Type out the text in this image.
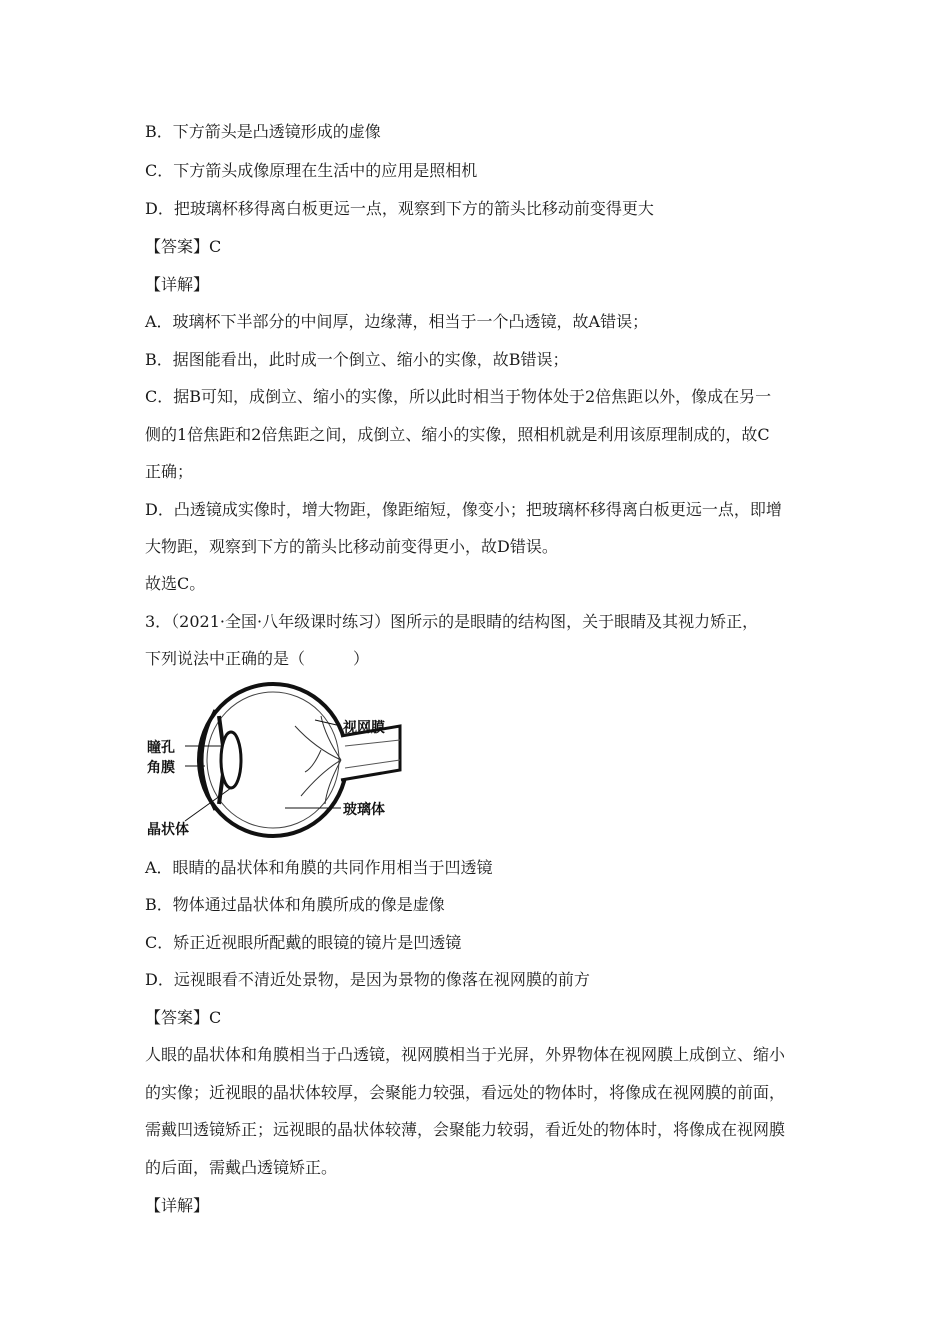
B．下方箭头是凸透镜形成的虚像
C．下方箭头成像原理在生活中的应用是照相机
D．把玻璃杯移得离白板更远一点，观察到下方的箭头比移动前变得更大
【答案】C
【详解】
A．玻璃杯下半部分的中间厚，边缘薄，相当于一个凸透镜，故A错误；
B．据图能看出，此时成一个倒立、缩小的实像，故B错误；
C．据B可知，成倒立、缩小的实像，所以此时相当于物体处于2倍焦距以外，像成在另一
侧的1倍焦距和2倍焦距之间，成倒立、缩小的实像，照相机就是利用该原理制成的，故C
正确；
D．凸透镜成实像时，增大物距，像距缩短，像变小；把玻璃杯移得离白板更远一点，即增
大物距，观察到下方的箭头比移动前变得更小，故D错误。
故选C。
3．（2021·全国·八年级课时练习）图所示的是眼睛的结构图，关于眼睛及其视力矫正，
下列说法中正确的是（　　　）
视网膜
瞳孔
角膜
晶状体
玻璃体
A．眼睛的晶状体和角膜的共同作用相当于凹透镜
B．物体通过晶状体和角膜所成的像是虚像
C．矫正近视眼所配戴的眼镜的镜片是凹透镜
D．远视眼看不清近处景物，是因为景物的像落在视网膜的前方
【答案】C
人眼的晶状体和角膜相当于凸透镜，视网膜相当于光屏，外界物体在视网膜上成倒立、缩小
的实像；近视眼的晶状体较厚，会聚能力较强，看远处的物体时，将像成在视网膜的前面，
需戴凹透镜矫正；远视眼的晶状体较薄，会聚能力较弱，看近处的物体时，将像成在视网膜
的后面，需戴凸透镜矫正。
【详解】
